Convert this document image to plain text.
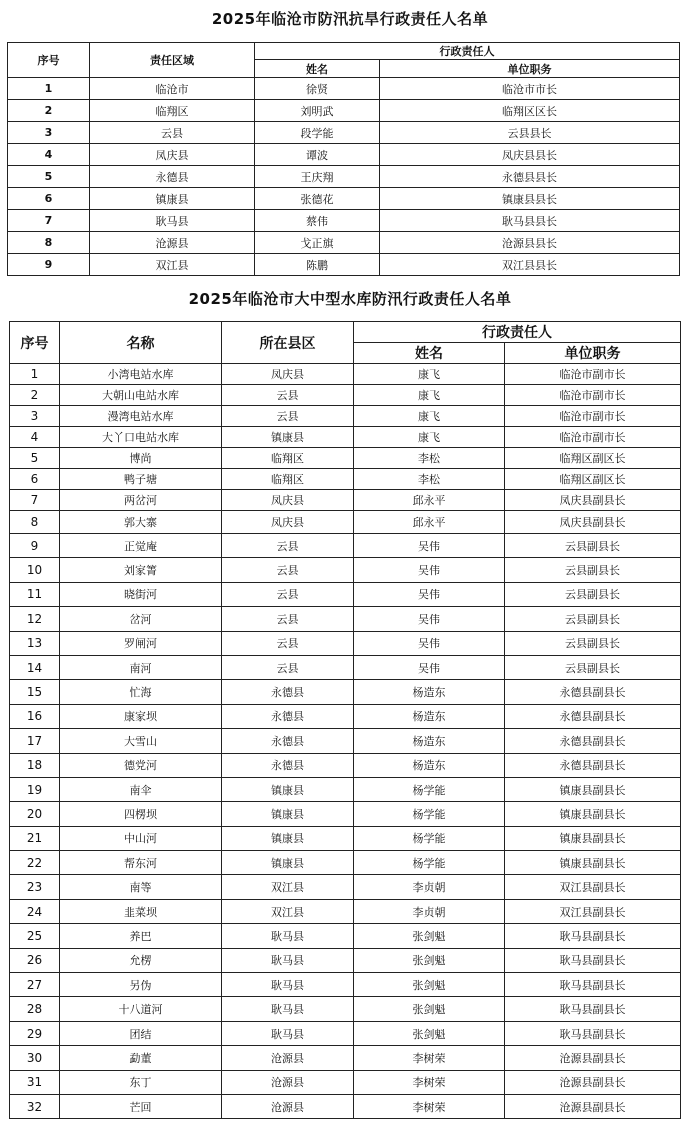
2025年临沧市防汛抗旱行政责任人名单
序号	责任区域	行政责任人	
		姓名	单位职务
1	临沧市	徐贤	临沧市市长
2	临翔区	刘明武	临翔区区长
3	云县	段学能	云县县长
4	凤庆县	谭波	凤庆县县长
5	永德县	王庆翔	永德县县长
6	镇康县	张德花	镇康县县长
7	耿马县	蔡伟	耿马县县长
8	沧源县	戈正旗	沧源县县长
9	双江县	陈鹏	双江县县长
2025年临沧市大中型水库防汛行政责任人名单
序号	名称	所在县区	行政责任人	
			姓名	单位职务
1	小湾电站水库	凤庆县	康飞	临沧市副市长
2	大朝山电站水库	云县	康飞	临沧市副市长
3	漫湾电站水库	云县	康飞	临沧市副市长
4	大丫口电站水库	镇康县	康飞	临沧市副市长
5	博尚	临翔区	李松	临翔区副区长
6	鸭子塘	临翔区	李松	临翔区副区长
7	两岔河	凤庆县	邱永平	凤庆县副县长
8	郭大寨	凤庆县	邱永平	凤庆县副县长
9	正觉庵	云县	吴伟	云县副县长
10	刘家箐	云县	吴伟	云县副县长
11	晓街河	云县	吴伟	云县副县长
12	岔河	云县	吴伟	云县副县长
13	罗闸河	云县	吴伟	云县副县长
14	南河	云县	吴伟	云县副县长
15	忙海	永德县	杨造东	永德县副县长
16	康家坝	永德县	杨造东	永德县副县长
17	大雪山	永德县	杨造东	永德县副县长
18	德党河	永德县	杨造东	永德县副县长
19	南伞	镇康县	杨学能	镇康县副县长
20	四楞坝	镇康县	杨学能	镇康县副县长
21	中山河	镇康县	杨学能	镇康县副县长
22	帮东河	镇康县	杨学能	镇康县副县长
23	南等	双江县	李贞朝	双江县副县长
24	韭菜坝	双江县	李贞朝	双江县副县长
25	养巴	耿马县	张剑魁	耿马县副县长
26	允楞	耿马县	张剑魁	耿马县副县长
27	另伪	耿马县	张剑魁	耿马县副县长
28	十八道河	耿马县	张剑魁	耿马县副县长
29	团结	耿马县	张剑魁	耿马县副县长
30	勐董	沧源县	李树荣	沧源县副县长
31	东丁	沧源县	李树荣	沧源县副县长
32	芒回	沧源县	李树荣	沧源县副县长
